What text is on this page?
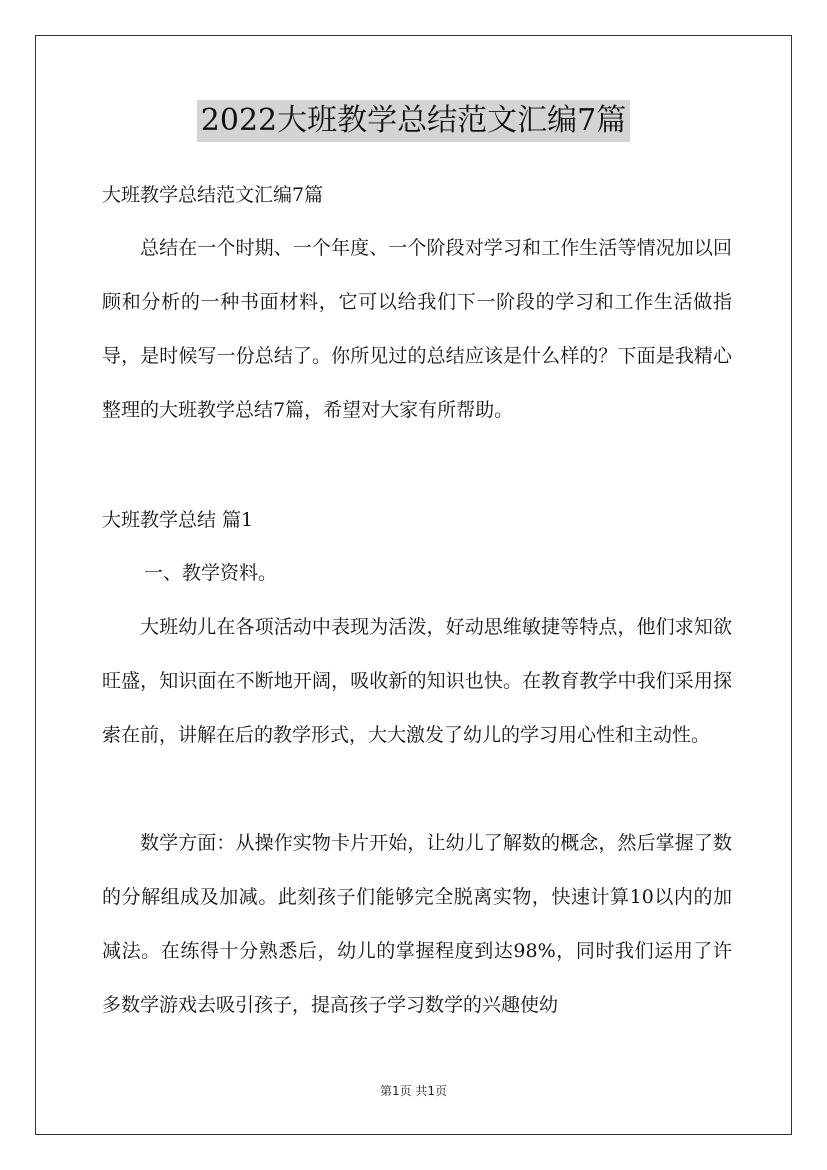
2022大班教学总结范文汇编7篇

大班教学总结范文汇编7篇

总结在一个时期、一个年度、一个阶段对学习和工作生活等情况加以回顾和分析的一种书面材料，它可以给我们下一阶段的学习和工作生活做指导，是时候写一份总结了。你所见过的总结应该是什么样的？下面是我精心整理的大班教学总结7篇，希望对大家有所帮助。

大班教学总结 篇1

一、教学资料。

大班幼儿在各项活动中表现为活泼，好动思维敏捷等特点，他们求知欲旺盛，知识面在不断地开阔，吸收新的知识也快。在教育教学中我们采用探索在前，讲解在后的教学形式，大大激发了幼儿的学习用心性和主动性。

数学方面：从操作实物卡片开始，让幼儿了解数的概念，然后掌握了数的分解组成及加减。此刻孩子们能够完全脱离实物，快速计算10以内的加减法。在练得十分熟悉后，幼儿的掌握程度到达98%，同时我们运用了许多数学游戏去吸引孩子，提高孩子学习数学的兴趣使幼

第1页 共1页
